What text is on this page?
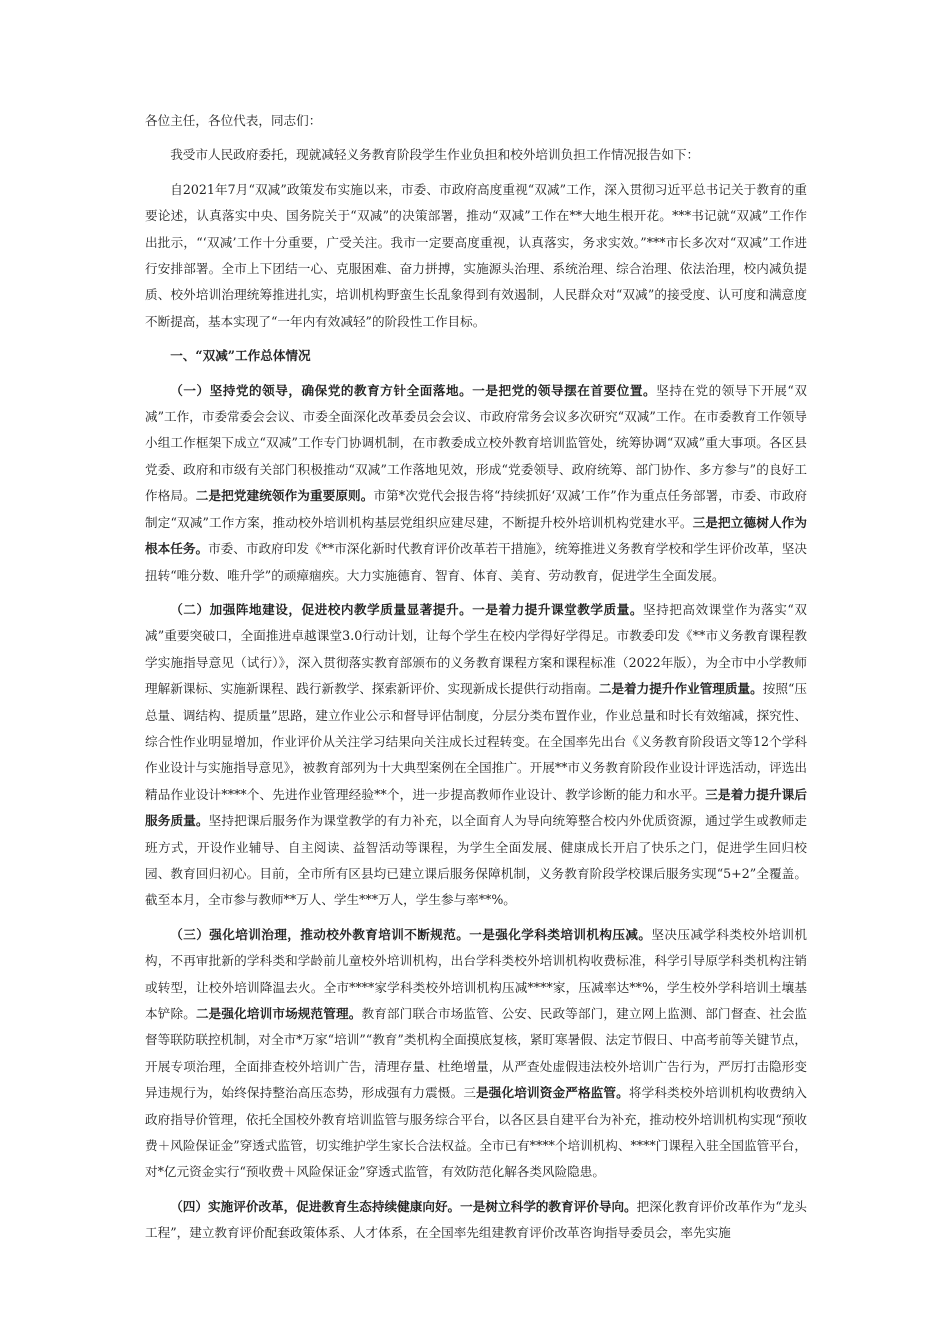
各位主任，各位代表，同志们：

我受市人民政府委托，现就减轻义务教育阶段学生作业负担和校外培训负担工作情况报告如下：

自2021年7月“双减”政策发布实施以来，市委、市政府高度重视“双减”工作，深入贯彻习近平总书记关于教育的重要论述，认真落实中央、国务院关于“双减”的决策部署，推动“双减”工作在**大地生根开花。***书记就“双减”工作作出批示，“‘双减’工作十分重要，广受关注。我市一定要高度重视，认真落实，务求实效。”***市长多次对“双减”工作进行安排部署。全市上下团结一心、克服困难、奋力拼搏，实施源头治理、系统治理、综合治理、依法治理，校内减负提质、校外培训治理统筹推进扎实，培训机构野蛮生长乱象得到有效遏制，人民群众对“双减”的接受度、认可度和满意度不断提高，基本实现了“一年内有效减轻”的阶段性工作目标。

一、“双减”工作总体情况

（一）坚持党的领导，确保党的教育方针全面落地。一是把党的领导摆在首要位置。坚持在党的领导下开展“双减”工作，市委常委会会议、市委全面深化改革委员会会议、市政府常务会议多次研究“双减”工作。在市委教育工作领导小组工作框架下成立“双减”工作专门协调机制，在市教委成立校外教育培训监管处，统筹协调“双减”重大事项。各区县党委、政府和市级有关部门积极推动“双减”工作落地见效，形成“党委领导、政府统筹、部门协作、多方参与”的良好工作格局。二是把党建统领作为重要原则。市第*次党代会报告将“持续抓好‘双减’工作”作为重点任务部署，市委、市政府制定“双减”工作方案，推动校外培训机构基层党组织应建尽建，不断提升校外培训机构党建水平。三是把立德树人作为根本任务。市委、市政府印发《**市深化新时代教育评价改革若干措施》，统筹推进义务教育学校和学生评价改革，坚决扭转“唯分数、唯升学”的顽瘴痼疾。大力实施德育、智育、体育、美育、劳动教育，促进学生全面发展。

（二）加强阵地建设，促进校内教学质量显著提升。一是着力提升课堂教学质量。坚持把高效课堂作为落实“双减”重要突破口，全面推进卓越课堂3.0行动计划，让每个学生在校内学得好学得足。市教委印发《**市义务教育课程教学实施指导意见（试行）》，深入贯彻落实教育部颁布的义务教育课程方案和课程标准（2022年版），为全市中小学教师理解新课标、实施新课程、践行新教学、探索新评价、实现新成长提供行动指南。二是着力提升作业管理质量。按照“压总量、调结构、提质量”思路，建立作业公示和督导评估制度，分层分类布置作业，作业总量和时长有效缩减，探究性、综合性作业明显增加，作业评价从关注学习结果向关注成长过程转变。在全国率先出台《义务教育阶段语文等12个学科作业设计与实施指导意见》，被教育部列为十大典型案例在全国推广。开展**市义务教育阶段作业设计评选活动，评选出精品作业设计****个、先进作业管理经验**个，进一步提高教师作业设计、教学诊断的能力和水平。三是着力提升课后服务质量。坚持把课后服务作为课堂教学的有力补充，以全面育人为导向统筹整合校内外优质资源，通过学生或教师走班方式，开设作业辅导、自主阅读、益智活动等课程，为学生全面发展、健康成长开启了快乐之门，促进学生回归校园、教育回归初心。目前，全市所有区县均已建立课后服务保障机制，义务教育阶段学校课后服务实现“5+2”全覆盖。截至本月，全市参与教师**万人、学生***万人，学生参与率**%。

（三）强化培训治理，推动校外教育培训不断规范。一是强化学科类培训机构压减。坚决压减学科类校外培训机构，不再审批新的学科类和学龄前儿童校外培训机构，出台学科类校外培训机构收费标准，科学引导原学科类机构注销或转型，让校外培训降温去火。全市****家学科类校外培训机构压减****家，压减率达**%，学生校外学科培训土壤基本铲除。二是强化培训市场规范管理。教育部门联合市场监管、公安、民政等部门，建立网上监测、部门督查、社会监督等联防联控机制，对全市*万家“培训”“教育”类机构全面摸底复核，紧盯寒暑假、法定节假日、中高考前等关键节点，开展专项治理，全面排查校外培训广告，清理存量、杜绝增量，从严查处虚假违法校外培训广告行为，严厉打击隐形变异违规行为，始终保持整治高压态势，形成强有力震慑。三是强化培训资金严格监管。将学科类校外培训机构收费纳入政府指导价管理，依托全国校外教育培训监管与服务综合平台，以各区县自建平台为补充，推动校外培训机构实现“预收费＋风险保证金”穿透式监管，切实维护学生家长合法权益。全市已有****个培训机构、****门课程入驻全国监管平台，对*亿元资金实行“预收费＋风险保证金”穿透式监管，有效防范化解各类风险隐患。

（四）实施评价改革，促进教育生态持续健康向好。一是树立科学的教育评价导向。把深化教育评价改革作为“龙头工程”，建立教育评价配套政策体系、人才体系，在全国率先组建教育评价改革咨询指导委员会，率先实施
